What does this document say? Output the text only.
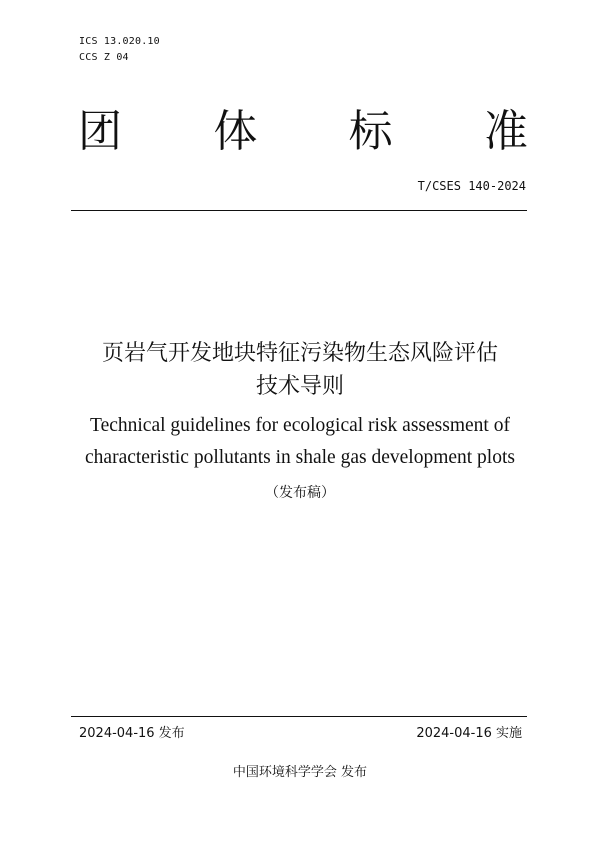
ICS 13.020.10
CCS Z 04
团 体 标 准
T/CSES 140-2024
页岩气开发地块特征污染物生态风险评估
技术导则
Technical guidelines for ecological risk assessment of
characteristic pollutants in shale gas development plots
（发布稿）
2024-04-16 发布	2024-04-16 实施
中国环境科学学会 发布
